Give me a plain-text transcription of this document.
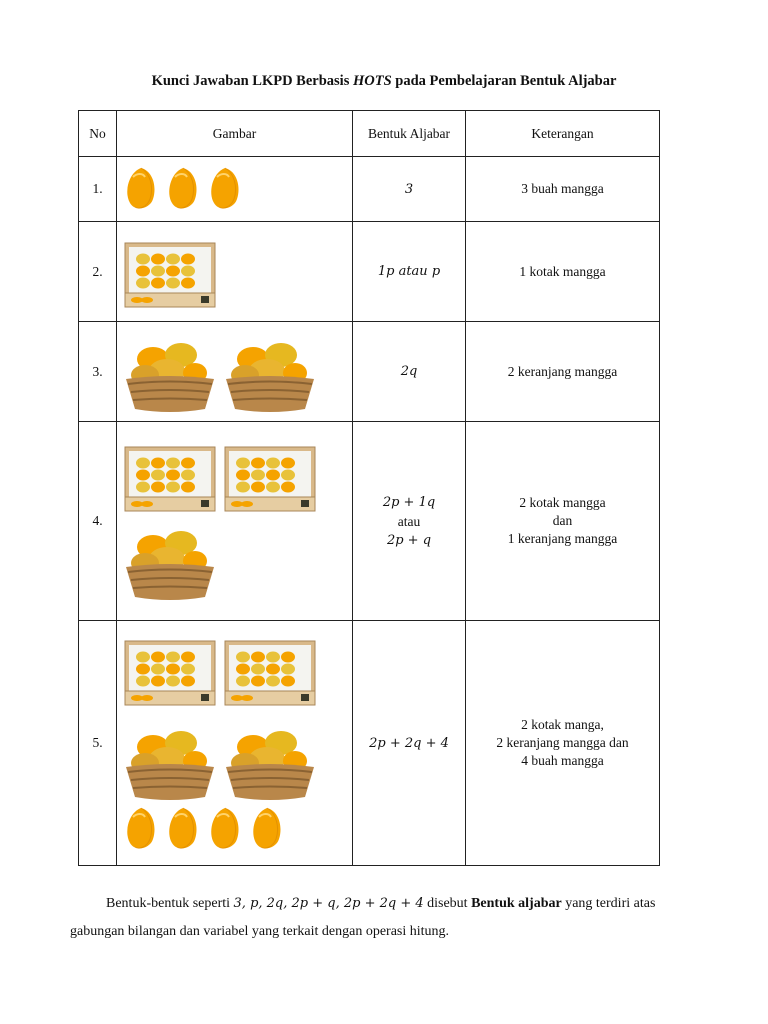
Kunci Jawaban LKPD Berbasis HOTS pada Pembelajaran Bentuk Aljabar
No	Gambar	Bentuk Aljabar	Keterangan
1.		3	3 buah mangga

2.		1p atau p	1 kotak mangga

3.		2q	2 keranjang mangga

4.		2p + 1q
atau
2p + q	2 kotak mangga
dan
1 keranjang mangga

5.		2p + 2q + 4	2 kotak manga,
2 keranjang mangga dan
4 buah mangga
Bentuk-bentuk seperti 3, p, 2q, 2p + q, 2p + 2q + 4 disebut Bentuk aljabar yang terdiri atas gabungan bilangan dan variabel yang terkait dengan operasi hitung.
